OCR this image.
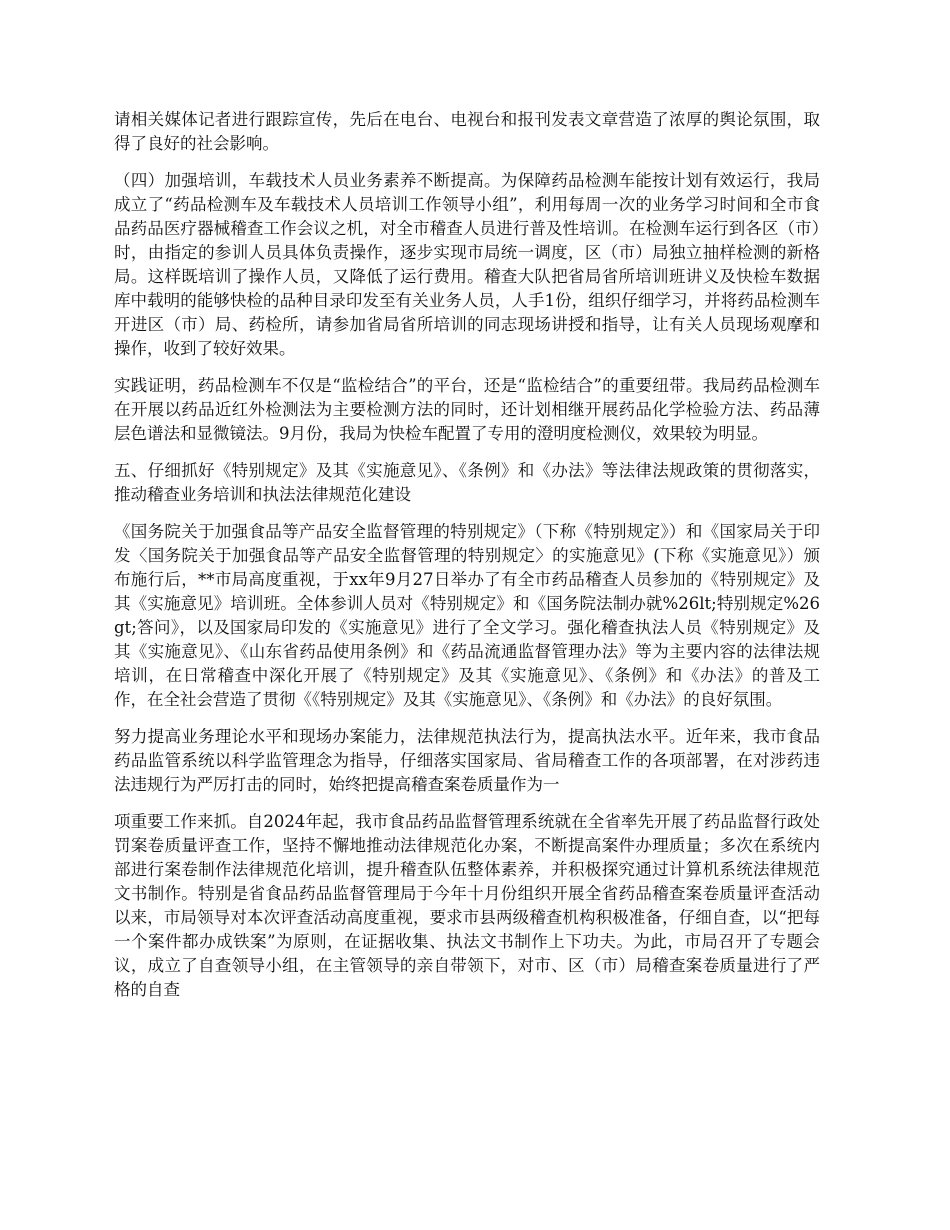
请相关媒体记者进行跟踪宣传，先后在电台、电视台和报刊发表文章营造了浓厚的舆论氛围，取得了良好的社会影响。

（四）加强培训，车载技术人员业务素养不断提高。为保障药品检测车能按计划有效运行，我局成立了“药品检测车及车载技术人员培训工作领导小组”，利用每周一次的业务学习时间和全市食品药品医疗器械稽查工作会议之机，对全市稽查人员进行普及性培训。在检测车运行到各区（市）时，由指定的参训人员具体负责操作，逐步实现市局统一调度，区（市）局独立抽样检测的新格局。这样既培训了操作人员，又降低了运行费用。稽查大队把省局省所培训班讲义及快检车数据库中载明的能够快检的品种目录印发至有关业务人员，人手1份，组织仔细学习，并将药品检测车开进区（市）局、药检所，请参加省局省所培训的同志现场讲授和指导，让有关人员现场观摩和操作，收到了较好效果。

实践证明，药品检测车不仅是“监检结合”的平台，还是“监检结合”的重要纽带。我局药品检测车在开展以药品近红外检测法为主要检测方法的同时，还计划相继开展药品化学检验方法、药品薄层色谱法和显微镜法。9月份，我局为快检车配置了专用的澄明度检测仪，效果较为明显。

五、仔细抓好《特别规定》及其《实施意见》、《条例》和《办法》等法律法规政策的贯彻落实，推动稽查业务培训和执法法律规范化建设

《国务院关于加强食品等产品安全监督管理的特别规定》（下称《特别规定》）和《国家局关于印发〈国务院关于加强食品等产品安全监督管理的特别规定〉的实施意见》(下称《实施意见》）颁布施行后，**市局高度重视，于xx年9月27日举办了有全市药品稽查人员参加的《特别规定》及其《实施意见》培训班。全体参训人员对《特别规定》和《国务院法制办就%26lt;特别规定%26gt;答问》，以及国家局印发的《实施意见》进行了全文学习。强化稽查执法人员《特别规定》及其《实施意见》、《山东省药品使用条例》和《药品流通监督管理办法》等为主要内容的法律法规培训，在日常稽查中深化开展了《特别规定》及其《实施意见》、《条例》和《办法》的普及工作，在全社会营造了贯彻《《特别规定》及其《实施意见》、《条例》和《办法》的良好氛围。

努力提高业务理论水平和现场办案能力，法律规范执法行为，提高执法水平。近年来，我市食品药品监管系统以科学监管理念为指导，仔细落实国家局、省局稽查工作的各项部署，在对涉药违法违规行为严厉打击的同时，始终把提高稽查案卷质量作为一

项重要工作来抓。自2024年起，我市食品药品监督管理系统就在全省率先开展了药品监督行政处罚案卷质量评查工作，坚持不懈地推动法律规范化办案，不断提高案件办理质量；多次在系统内部进行案卷制作法律规范化培训，提升稽查队伍整体素养，并积极探究通过计算机系统法律规范文书制作。特别是省食品药品监督管理局于今年十月份组织开展全省药品稽查案卷质量评查活动以来，市局领导对本次评查活动高度重视，要求市县两级稽查机构积极准备，仔细自查，以“把每一个案件都办成铁案”为原则，在证据收集、执法文书制作上下功夫。为此，市局召开了专题会议，成立了自查领导小组，在主管领导的亲自带领下，对市、区（市）局稽查案卷质量进行了严格的自查
